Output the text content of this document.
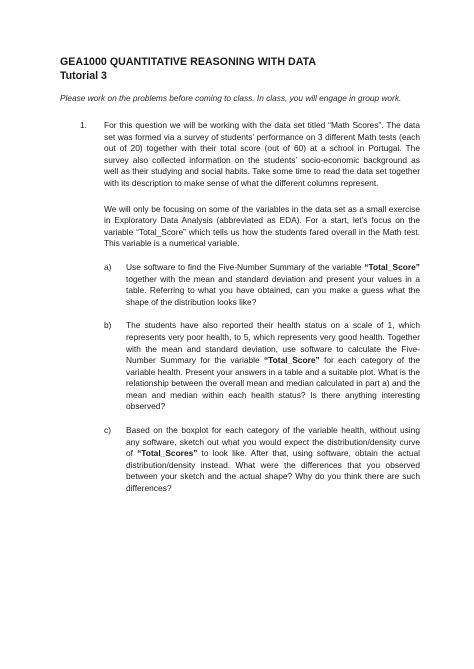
GEA1000 QUANTITATIVE REASONING WITH DATA

Tutorial 3

Please work on the problems before coming to class. In class, you will engage in group work.

1. For this question we will be working with the data set titled “Math Scores”. The data set was formed via a survey of students’ performance on 3 different Math tests (each out of 20) together with their total score (out of 60) at a school in Portugal. The survey also collected information on the students’ socio-economic background as well as their studying and social habits. Take some time to read the data set together with its description to make sense of what the different columns represent.

We will only be focusing on some of the variables in the data set as a small exercise in Exploratory Data Analysis (abbreviated as EDA). For a start, let’s focus on the variable “Total_Score” which tells us how the students fared overall in the Math test. This variable is a numerical variable.

a) Use software to find the Five-Number Summary of the variable “Total_Score” together with the mean and standard deviation and present your values in a table. Referring to what you have obtained, can you make a guess what the shape of the distribution looks like?

b) The students have also reported their health status on a scale of 1, which represents very poor health, to 5, which represents very good health. Together with the mean and standard deviation, use software to calculate the Five-Number Summary for the variable “Total_Score” for each category of the variable health. Present your answers in a table and a suitable plot. What is the relationship between the overall mean and median calculated in part a) and the mean and median within each health status? Is there anything interesting observed?

c) Based on the boxplot for each category of the variable health, without using any software, sketch out what you would expect the distribution/density curve of “Total_Scores” to look like. After that, using software, obtain the actual distribution/density instead. What were the differences that you observed between your sketch and the actual shape? Why do you think there are such differences?
